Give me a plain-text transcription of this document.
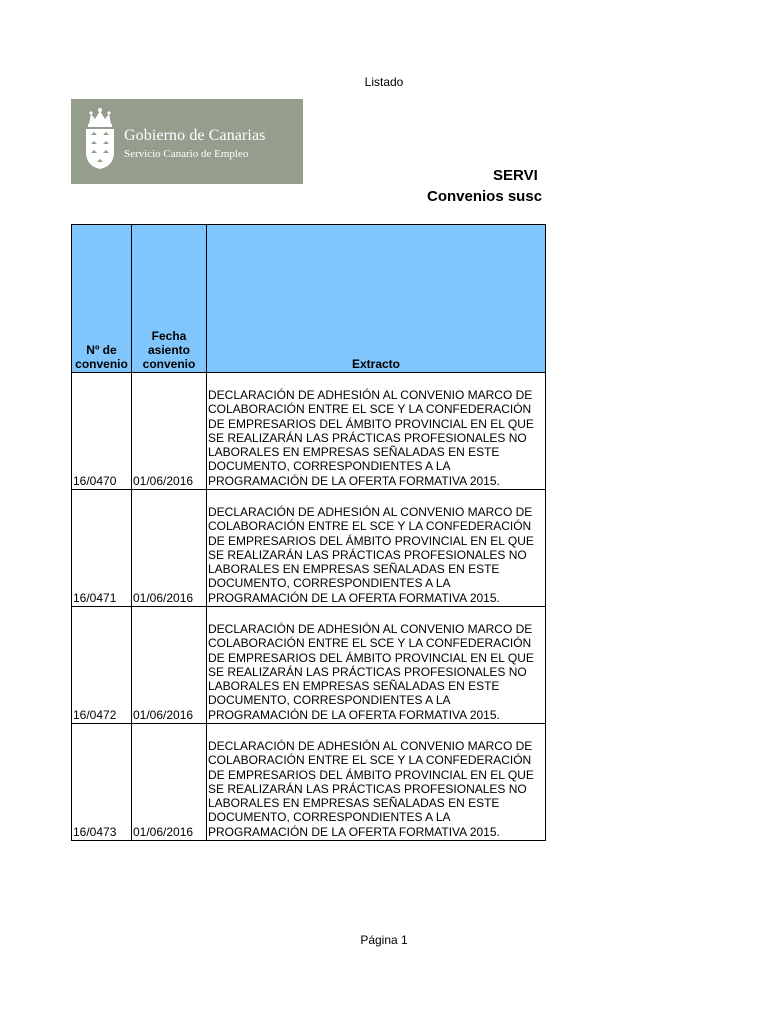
Listado
Gobierno de Canarias
Servicio Canario de Empleo
SERVI
Convenios susc
Nº de convenio	Fecha asiento convenio	Extracto
16/0470	01/06/2016	DECLARACIÓN DE ADHESIÓN AL CONVENIO MARCO DE COLABORACIÓN ENTRE EL SCE Y LA CONFEDERACIÓN DE EMPRESARIOS DEL ÁMBITO PROVINCIAL EN EL QUE SE REALIZARÁN LAS PRÁCTICAS PROFESIONALES NO LABORALES EN EMPRESAS SEÑALADAS EN ESTE DOCUMENTO, CORRESPONDIENTES A LA PROGRAMACIÓN DE LA OFERTA FORMATIVA 2015.
16/0471	01/06/2016	DECLARACIÓN DE ADHESIÓN AL CONVENIO MARCO DE COLABORACIÓN ENTRE EL SCE Y LA CONFEDERACIÓN DE EMPRESARIOS DEL ÁMBITO PROVINCIAL EN EL QUE SE REALIZARÁN LAS PRÁCTICAS PROFESIONALES NO LABORALES EN EMPRESAS SEÑALADAS EN ESTE DOCUMENTO, CORRESPONDIENTES A LA PROGRAMACIÓN DE LA OFERTA FORMATIVA 2015.
16/0472	01/06/2016	DECLARACIÓN DE ADHESIÓN AL CONVENIO MARCO DE COLABORACIÓN ENTRE EL SCE Y LA CONFEDERACIÓN DE EMPRESARIOS DEL ÁMBITO PROVINCIAL EN EL QUE SE REALIZARÁN LAS PRÁCTICAS PROFESIONALES NO LABORALES EN EMPRESAS SEÑALADAS EN ESTE DOCUMENTO, CORRESPONDIENTES A LA PROGRAMACIÓN DE LA OFERTA FORMATIVA 2015.
16/0473	01/06/2016	DECLARACIÓN DE ADHESIÓN AL CONVENIO MARCO DE COLABORACIÓN ENTRE EL SCE Y LA CONFEDERACIÓN DE EMPRESARIOS DEL ÁMBITO PROVINCIAL EN EL QUE SE REALIZARÁN LAS PRÁCTICAS PROFESIONALES NO LABORALES EN EMPRESAS SEÑALADAS EN ESTE DOCUMENTO, CORRESPONDIENTES A LA PROGRAMACIÓN DE LA OFERTA FORMATIVA 2015.
Página 1
